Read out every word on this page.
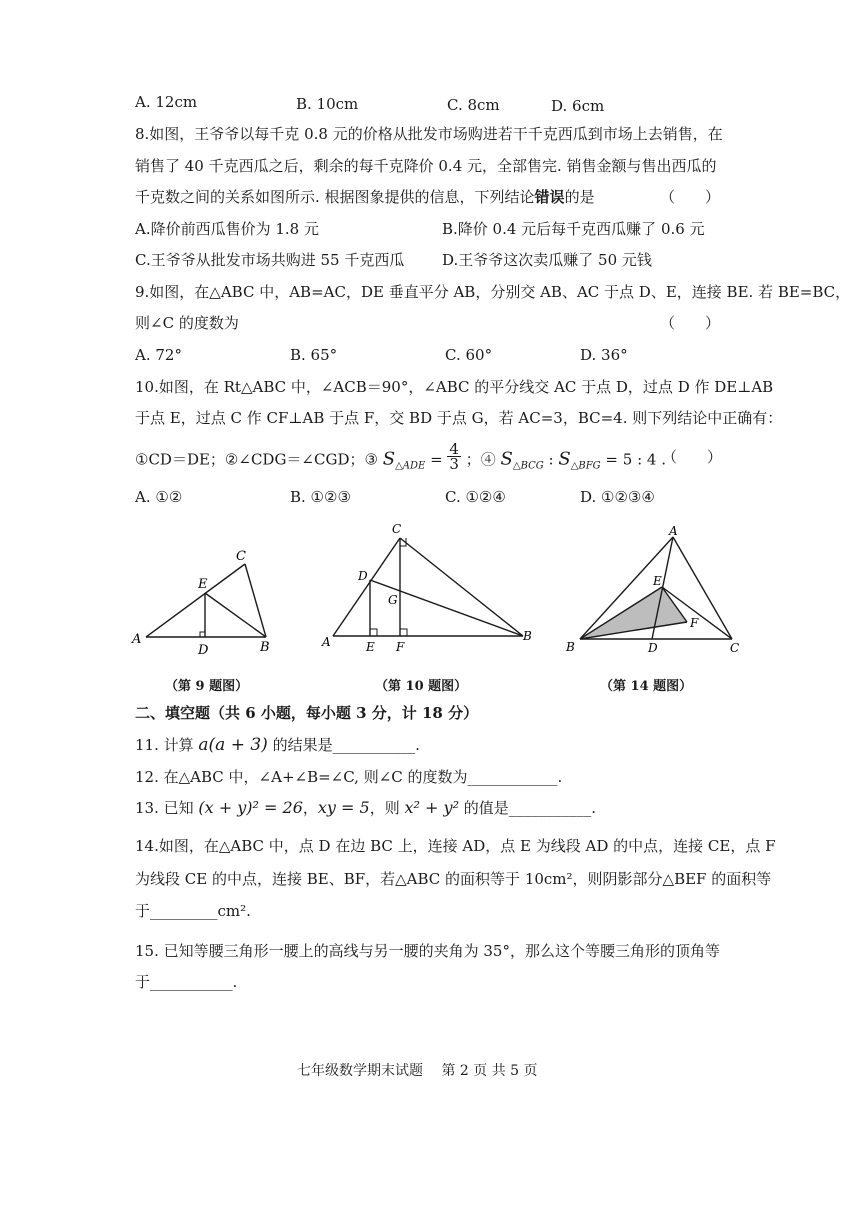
A. 12cm	B. 10cm	C. 8cm	D. 6cm
8.如图，王爷爷以每千克 0.8 元的价格从批发市场购进若干千克西瓜到市场上去销售，在
销售了 40 千克西瓜之后，剩余的每千克降价 0.4 元，全部售完. 销售金额与售出西瓜的
千克数之间的关系如图所示. 根据图象提供的信息，下列结论错误的是	（　　）
A.降价前西瓜售价为 1.8 元	B.降价 0.4 元后每千克西瓜赚了 0.6 元
C.王爷爷从批发市场共购进 55 千克西瓜	D.王爷爷这次卖瓜赚了 50 元钱
9.如图，在△ABC 中，AB=AC，DE 垂直平分 AB，分别交 AB、AC 于点 D、E，连接 BE. 若 BE=BC，
则∠C 的度数为	（　　）
A. 72°	B. 65°	C. 60°	D. 36°
10.如图，在 Rt△ABC 中，∠ACB＝90°，∠ABC 的平分线交 AC 于点 D，过点 D 作 DE⊥AB
于点 E，过点 C 作 CF⊥AB 于点 F，交 BD 于点 G，若 AC=3，BC=4. 则下列结论中正确有：
①CD＝DE；②∠CDG＝∠CGD；③ $S_{\triangle ADE} = \frac{4}{3}$ ；④ $S_{\triangle BCG}$ : $S_{\triangle BFG} = 5$ : 4 .
（　　）
A. ①②	B. ①②③	C. ①②④	D. ①②③④
A
B
C
D
E
A	B
C
D
E F
G
A
B	C
D
E
F
（第 9 题图）	（第 10 题图）	（第 14 题图）
二、填空题（共 6 小题，每小题 3 分，计 18 分）
11. 计算 a(a + 3) 的结果是___________.
12. 在△ABC 中，∠A+∠B=∠C, 则∠C 的度数为____________.
13. 已知 (x + y)² = 26，xy = 5，则 x² + y² 的值是___________.
14.如图，在△ABC 中，点 D 在边 BC 上，连接 AD，点 E 为线段 AD 的中点，连接 CE，点 F
为线段 CE 的中点，连接 BE、BF，若△ABC 的面积等于 10cm²，则阴影部分△BEF 的面积等
于_________cm².
15. 已知等腰三角形一腰上的高线与另一腰的夹角为 35°，那么这个等腰三角形的顶角等
于___________.
七年级数学期末试题　 第 2 页 共 5 页
